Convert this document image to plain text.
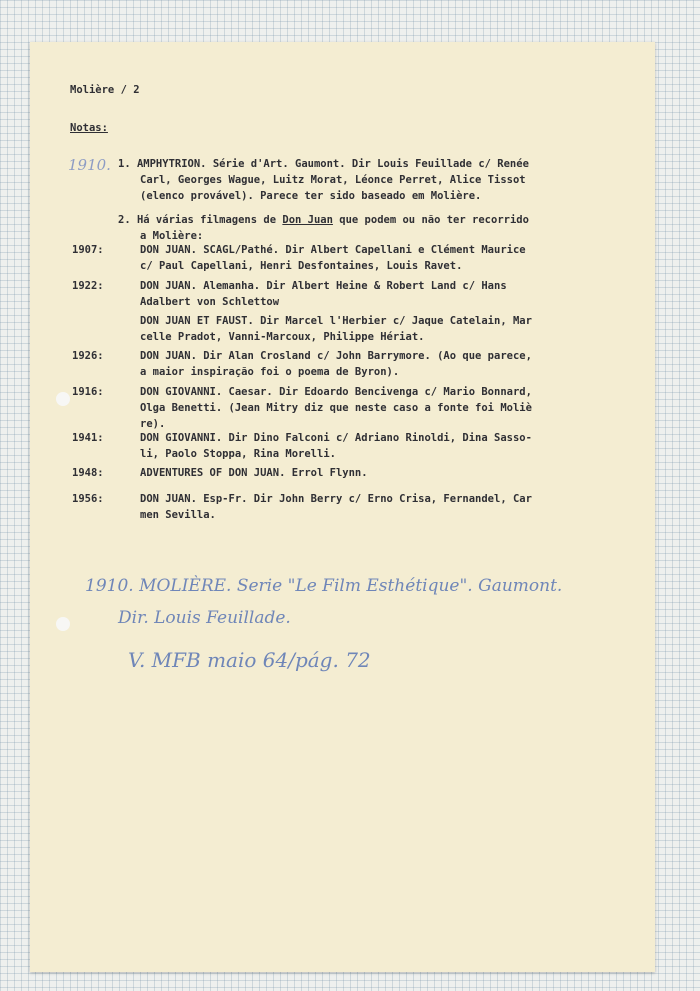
Molière / 2
Notas:
1910. 1. AMPHYTRION. Série d'Art. Gaumont. Dir Louis Feuillade c/ Renée
Carl, Georges Wague, Luitz Morat, Léonce Perret, Alice Tissot
(elenco provável). Parece ter sido baseado em Molière.
2. Há várias filmagens de Don Juan que podem ou não ter recorrido
a Molière:
1907:	DON JUAN. SCAGL/Pathé. Dir Albert Capellani e Clément Maurice
c/ Paul Capellani, Henri Desfontaines, Louis Ravet.
1922:	DON JUAN. Alemanha. Dir Albert Heine & Robert Land c/ Hans
Adalbert von Schlettow
DON JUAN ET FAUST. Dir Marcel l'Herbier c/ Jaque Catelain, Mar
celle Pradot, Vanni-Marcoux, Philippe Hériat.
1926:	DON JUAN. Dir Alan Crosland c/ John Barrymore. (Ao que parece,
a maior inspiração foi o poema de Byron).
1916:	DON GIOVANNI. Caesar. Dir Edoardo Bencivenga c/ Mario Bonnard,
Olga Benetti. (Jean Mitry diz que neste caso a fonte foi Moliè
re).
1941:	DON GIOVANNI. Dir Dino Falconi c/ Adriano Rinoldi, Dina Sasso-
li, Paolo Stoppa, Rina Morelli.
1948:	ADVENTURES OF DON JUAN. Errol Flynn.
1956:	DON JUAN. Esp-Fr. Dir John Berry c/ Erno Crisa, Fernandel, Car
men Sevilla.
1910. MOLIÈRE. Serie "Le Film Esthétique". Gaumont.
Dir. Louis Feuillade.
V. MFB maio 64/pág. 72
